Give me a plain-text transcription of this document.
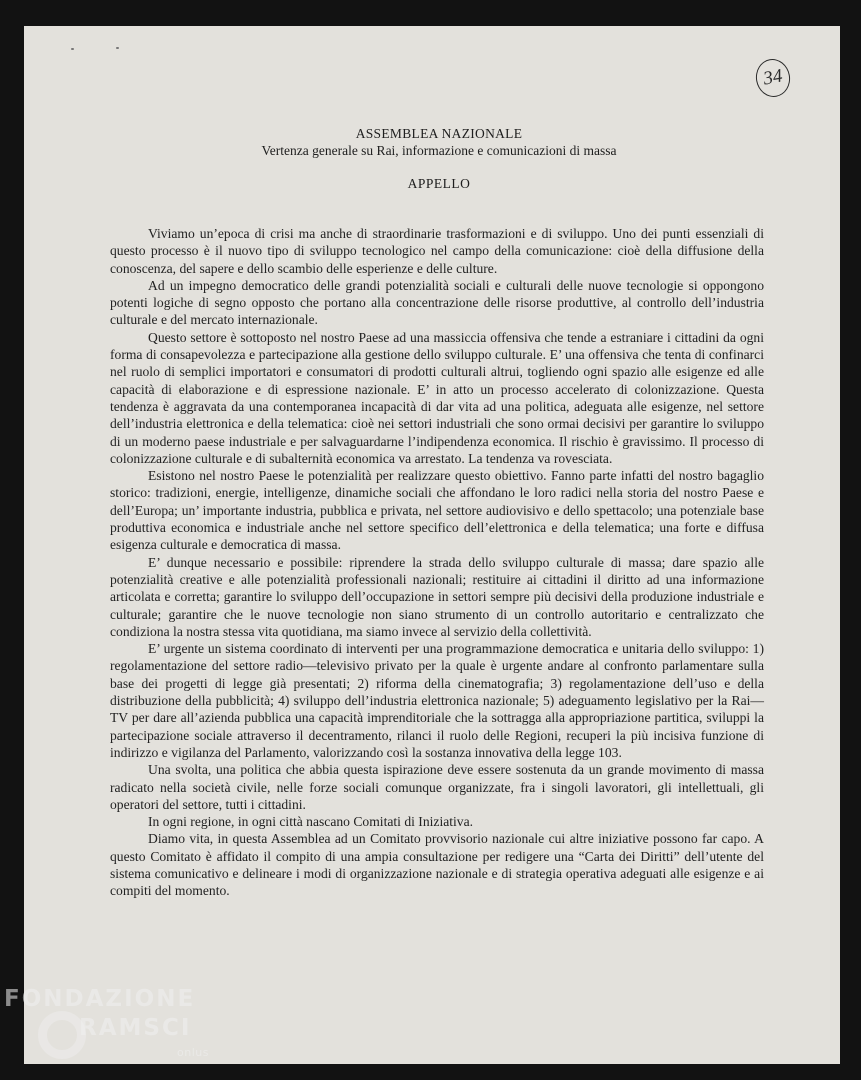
34
ASSEMBLEA NAZIONALE
Vertenza generale su Rai, informazione e comunicazioni di massa
APPELLO

Viviamo un’epoca di crisi ma anche di straordinarie trasformazioni e di sviluppo. Uno dei punti essenziali di questo processo è il nuovo tipo di sviluppo tecnologico nel campo della comunicazione: cioè della diffusione della conoscenza, del sapere e dello scambio delle esperienze e delle culture.

Ad un impegno democratico delle grandi potenzialità sociali e culturali delle nuove tecnologie si oppongono potenti logiche di segno opposto che portano alla concentrazione delle risorse produttive, al controllo dell’industria culturale e del mercato internazionale.

Questo settore è sottoposto nel nostro Paese ad una massiccia offensiva che tende a estraniare i cittadini da ogni forma di consapevolezza e partecipazione alla gestione dello sviluppo culturale. E’ una offensiva che tenta di confinarci nel ruolo di semplici importatori e consumatori di prodotti culturali altrui, togliendo ogni spazio alle esigenze ed alle capacità di elaborazione e di espressione nazionale. E’ in atto un processo accelerato di colonizzazione. Questa tendenza è aggravata da una contemporanea incapacità di dar vita ad una politica, adeguata alle esigenze, nel settore dell’industria elettronica e della telematica: cioè nei settori industriali che sono ormai decisivi per garantire lo sviluppo di un moderno paese industriale e per salvaguardarne l’indipendenza economica. Il rischio è gravissimo. Il processo di colonizzazione culturale e di subalternità economica va arrestato. La tendenza va rovesciata.

Esistono nel nostro Paese le potenzialità per realizzare questo obiettivo. Fanno parte infatti del nostro bagaglio storico: tradizioni, energie, intelligenze, dinamiche sociali che affondano le loro radici nella storia del nostro Paese e dell’Europa; un’ importante industria, pubblica e privata, nel settore audiovisivo e dello spettacolo; una potenziale base produttiva economica e industriale anche nel settore specifico dell’elettronica e della telematica; una forte e diffusa esigenza culturale e democratica di massa.

E’ dunque necessario e possibile: riprendere la strada dello sviluppo culturale di massa; dare spazio alle potenzialità creative e alle potenzialità professionali nazionali; restituire ai cittadini il diritto ad una informazione articolata e corretta; garantire lo sviluppo dell’occupazione in settori sempre più decisivi della produzione industriale e culturale; garantire che le nuove tecnologie non siano strumento di un controllo autoritario e centralizzato che condiziona la nostra stessa vita quotidiana, ma siamo invece al servizio della collettività.

E’ urgente un sistema coordinato di interventi per una programmazione democratica e unitaria dello sviluppo: 1) regolamentazione del settore radio—televisivo privato per la quale è urgente andare al confronto parlamentare sulla base dei progetti di legge già presentati; 2) riforma della cinematografia; 3) regolamentazione dell’uso e della distribuzione della pubblicità; 4) sviluppo dell’industria elettronica nazionale; 5) adeguamento legislativo per la Rai—TV per dare all’azienda pubblica una capacità imprenditoriale che la sottragga alla appropriazione partitica, sviluppi la partecipazione sociale attraverso il decentramento, rilanci il ruolo delle Regioni, recuperi la più incisiva funzione di indirizzo e vigilanza del Parlamento, valorizzando così la sostanza innovativa della legge 103.

Una svolta, una politica che abbia questa ispirazione deve essere sostenuta da un grande movimento di massa radicato nella società civile, nelle forze sociali comunque organizzate, fra i singoli lavoratori, gli intellettuali, gli operatori del settore, tutti i cittadini.

In ogni regione, in ogni città nascano Comitati di Iniziativa.

Diamo vita, in questa Assemblea ad un Comitato provvisorio nazionale cui altre iniziative possono far capo. A questo Comitato è affidato il compito di una ampia consultazione per redigere una “Carta dei Diritti” dell’utente del sistema comunicativo e delineare i modi di organizzazione nazionale e di strategia operativa adeguati alle esigenze e ai compiti del momento.

FONDAZIONE
RAMSCI
onlus
